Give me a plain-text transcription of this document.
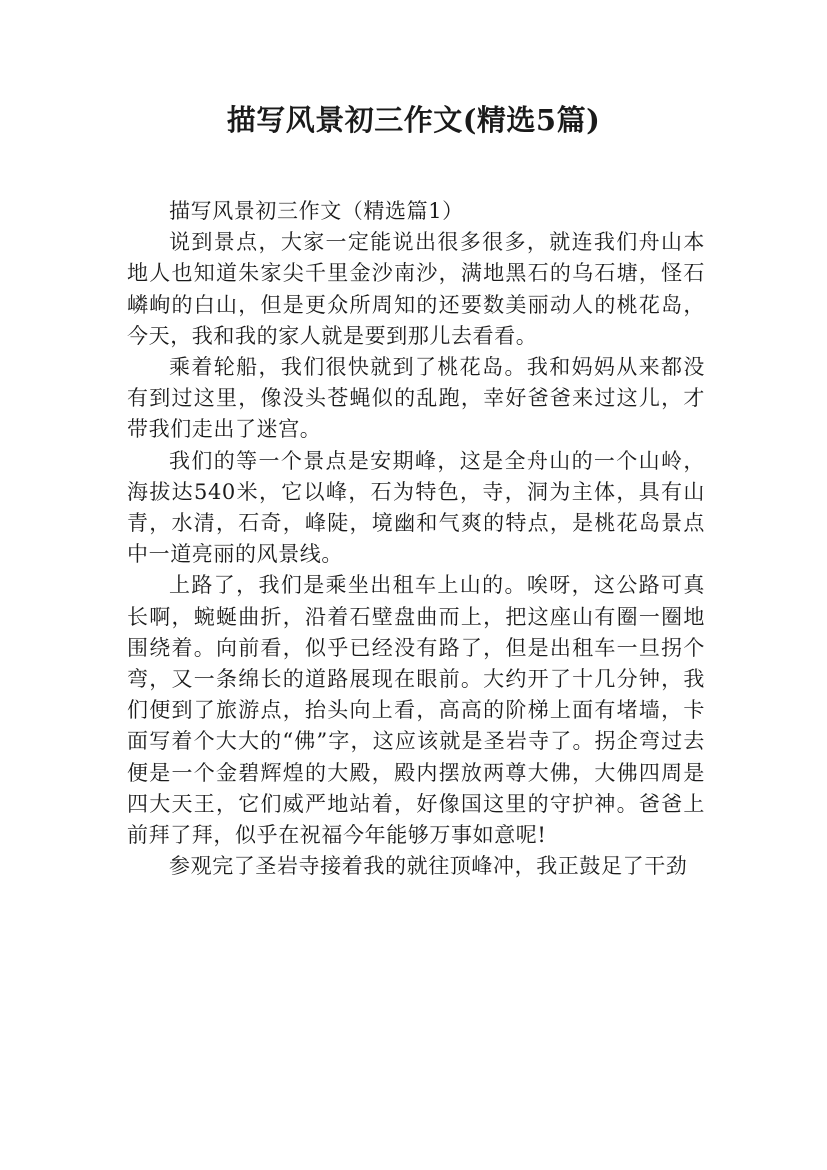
描写风景初三作文(精选5篇)

描写风景初三作文（精选篇1）

说到景点，大家一定能说出很多很多，就连我们舟山本地人也知道朱家尖千里金沙南沙，满地黑石的乌石塘，怪石嶙峋的白山，但是更众所周知的还要数美丽动人的桃花岛，今天，我和我的家人就是要到那儿去看看。

乘着轮船，我们很快就到了桃花岛。我和妈妈从来都没有到过这里，像没头苍蝇似的乱跑，幸好爸爸来过这儿，才带我们走出了迷宫。

我们的等一个景点是安期峰，这是全舟山的一个山岭，海拔达540米，它以峰，石为特色，寺，洞为主体，具有山青，水清，石奇，峰陡，境幽和气爽的特点，是桃花岛景点中一道亮丽的风景线。

上路了，我们是乘坐出租车上山的。唉呀，这公路可真长啊，蜿蜒曲折，沿着石壁盘曲而上，把这座山有圈一圈地围绕着。向前看，似乎已经没有路了，但是出租车一旦拐个弯，又一条绵长的道路展现在眼前。大约开了十几分钟，我们便到了旅游点，抬头向上看，高高的阶梯上面有堵墙，卡面写着个大大的“佛”字，这应该就是圣岩寺了。拐企弯过去便是一个金碧辉煌的大殿，殿内摆放两尊大佛，大佛四周是四大天王，它们威严地站着，好像国这里的守护神。爸爸上前拜了拜，似乎在祝福今年能够万事如意呢!

参观完了圣岩寺接着我的就往顶峰冲，我正鼓足了干劲
